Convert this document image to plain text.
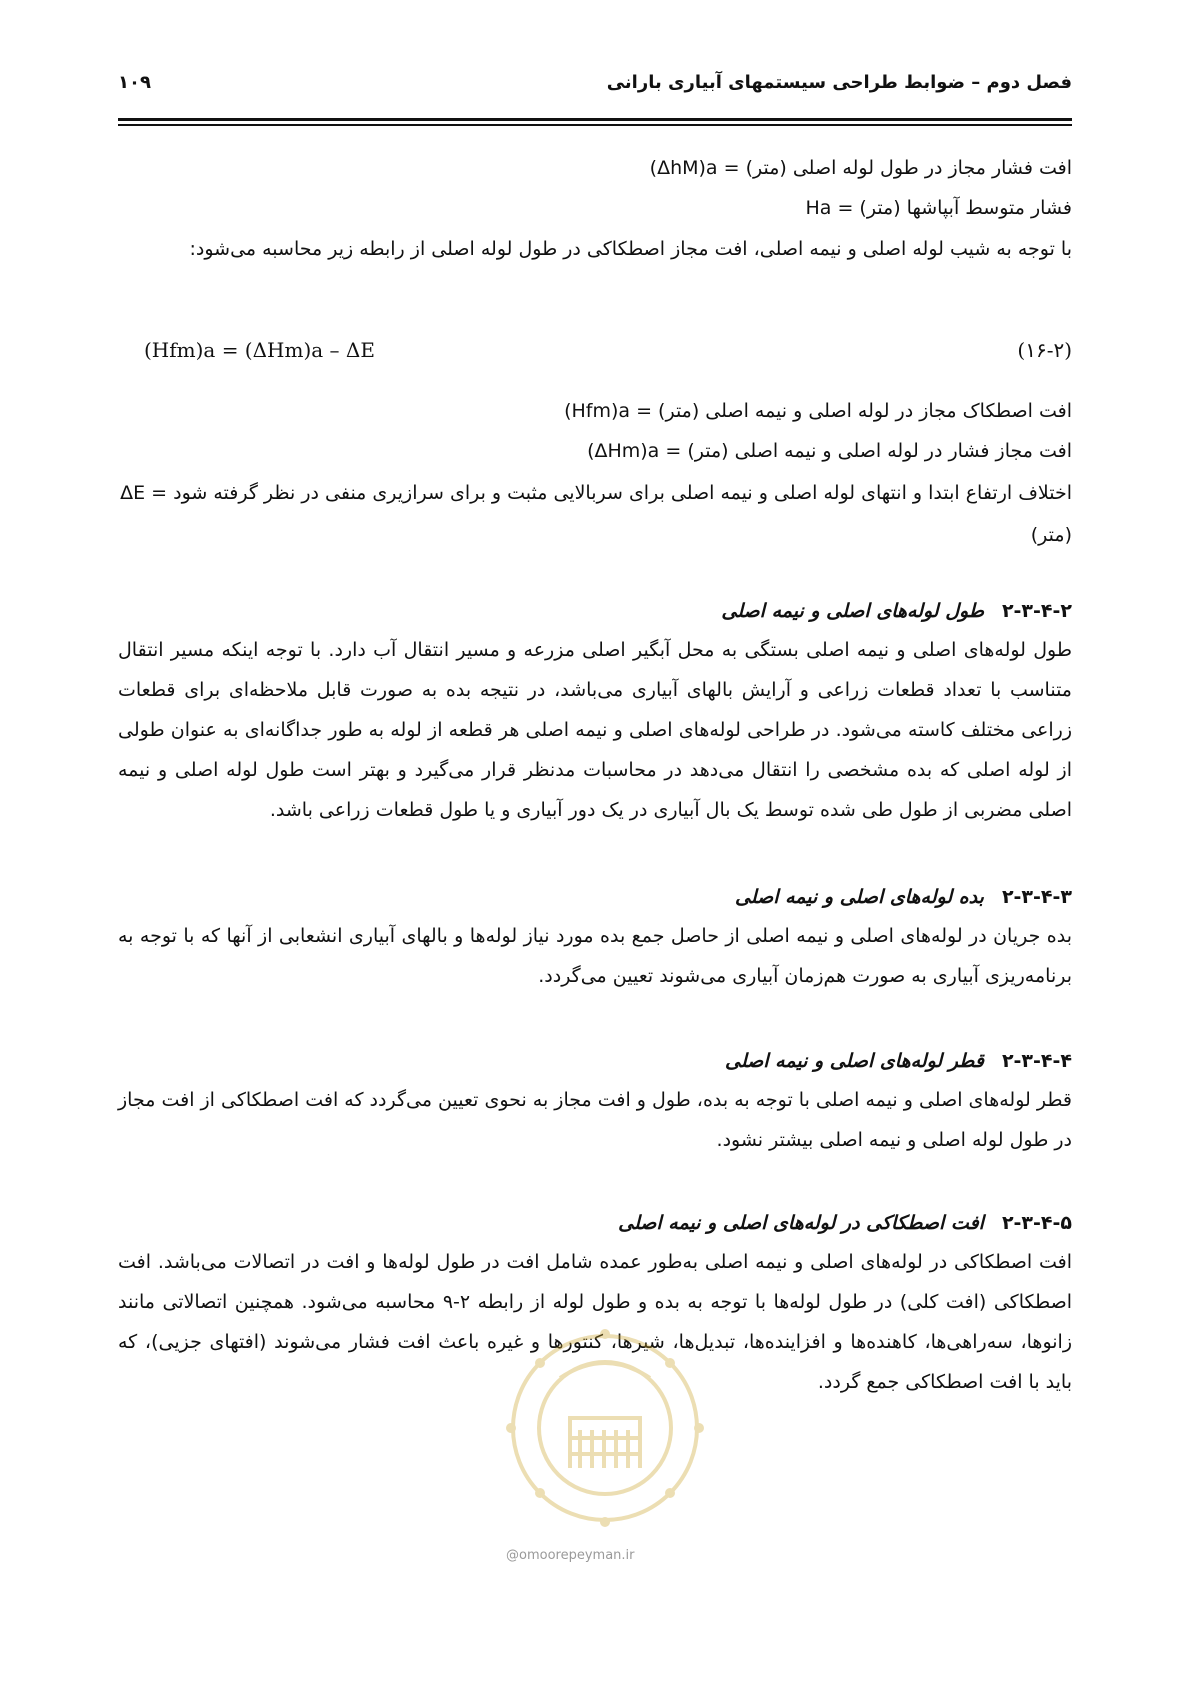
فصل دوم – ضوابط طراحی سیستمهای آبیاری بارانی
۱۰۹
(ΔhM)a = افت فشار مجاز در طول لوله اصلی (متر)
Ha = فشار متوسط آبپاشها (متر)
با توجه به شیب لوله اصلی و نیمه اصلی، افت مجاز اصطکاکی در طول لوله اصلی از رابطه زیر محاسبه می‌شود:
(Hfm)a = (ΔHm)a – ΔE	(۱۶-۲)
(Hfm)a = افت اصطکاک مجاز در لوله اصلی و نیمه اصلی (متر)
(ΔHm)a = افت مجاز فشار در لوله اصلی و نیمه اصلی (متر)
ΔE = اختلاف ارتفاع ابتدا و انتهای لوله اصلی و نیمه اصلی برای سربالایی مثبت و برای سرازیری منفی در نظر گرفته شود
(متر)
۲-۳-۴-۲طول لوله‌های اصلی و نیمه اصلی
طول لوله‌های اصلی و نیمه اصلی بستگی به محل آبگیر اصلی مزرعه و مسیر انتقال آب دارد. با توجه اینکه مسیر انتقال متناسب با تعداد قطعات زراعی و آرایش بالهای آبیاری می‌باشد، در نتیجه بده به صورت قابل ملاحظه‌ای برای قطعات زراعی مختلف کاسته می‌شود. در طراحی لوله‌های اصلی و نیمه اصلی هر قطعه از لوله به طور جداگانه‌ای به عنوان طولی از لوله اصلی که بده مشخصی را انتقال می‌دهد در محاسبات مدنظر قرار می‌گیرد و بهتر است طول لوله اصلی و نیمه اصلی مضربی از طول طی شده توسط یک بال آبیاری در یک دور آبیاری و یا طول قطعات زراعی باشد.
۲-۳-۴-۳بده لوله‌های اصلی و نیمه اصلی
بده جریان در لوله‌های اصلی و نیمه اصلی از حاصل جمع بده مورد نیاز لوله‌ها و بالهای آبیاری انشعابی از آنها که با توجه به برنامه‌ریزی آبیاری به صورت هم‌زمان آبیاری می‌شوند تعیین می‌گردد.
۲-۳-۴-۴قطر لوله‌های اصلی و نیمه اصلی
قطر لوله‌های اصلی و نیمه اصلی با توجه به بده، طول و افت مجاز به نحوی تعیین می‌گردد که افت اصطکاکی از افت مجاز در طول لوله اصلی و نیمه اصلی بیشتر نشود.
۲-۳-۴-۵افت اصطکاکی در لوله‌های اصلی و نیمه اصلی
افت اصطکاکی در لوله‌های اصلی و نیمه اصلی به‌طور عمده شامل افت در طول لوله‌ها و افت در اتصالات می‌باشد. افت اصطکاکی (افت کلی) در طول لوله‌ها با توجه به بده و طول لوله از رابطه ۲-۹ محاسبه می‌شود. همچنین اتصالاتی مانند زانوها، سه‌راهی‌ها، کاهنده‌ها و افزاینده‌ها، تبدیل‌ها، شیرها، کنتورها و غیره باعث افت فشار می‌شوند (افتهای جزیی)، که باید با افت اصطکاکی جمع گردد.
@omoorepeyman.ir
